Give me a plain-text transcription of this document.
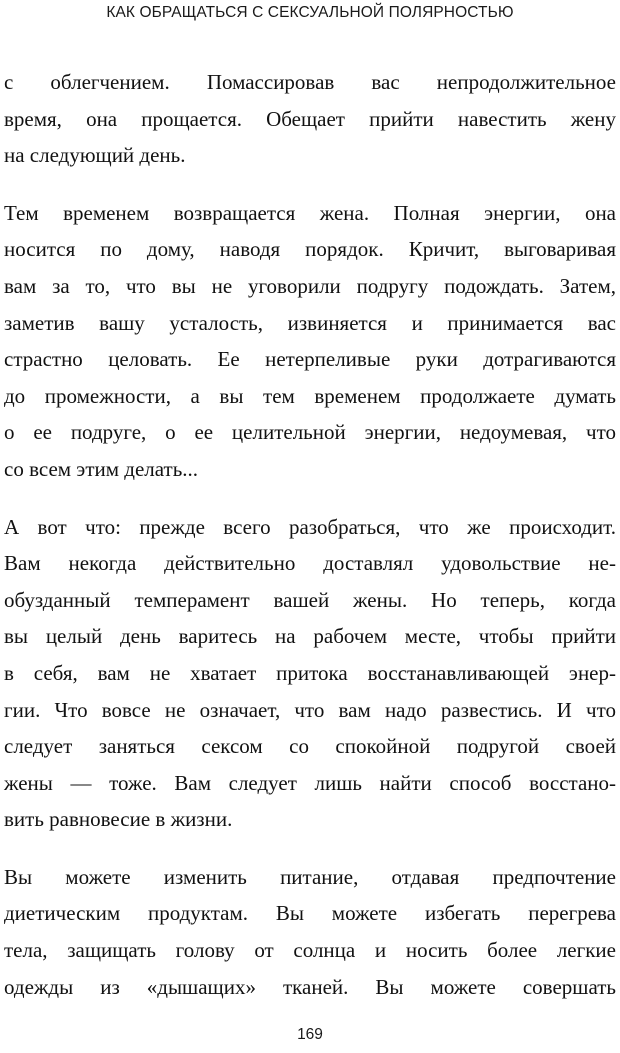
КАК ОБРАЩАТЬСЯ С СЕКСУАЛЬНОЙ ПОЛЯРНОСТЬЮ

с облегчением. Помассировав вас непродолжительное
время, она прощается. Обещает прийти навестить жену
на следующий день.

Тем временем возвращается жена. Полная энергии, она
носится по дому, наводя порядок. Кричит, выговаривая
вам за то, что вы не уговорили подругу подождать. Затем,
заметив вашу усталость, извиняется и принимается вас
страстно целовать. Ее нетерпеливые руки дотрагиваются
до промежности, а вы тем временем продолжаете думать
о ее подруге, о ее целительной энергии, недоумевая, что
со всем этим делать...

А вот что: прежде всего разобраться, что же происходит.
Вам некогда действительно доставлял удовольствие не-
обузданный темперамент вашей жены. Но теперь, когда
вы целый день варитесь на рабочем месте, чтобы прийти
в себя, вам не хватает притока восстанавливающей энер-
гии. Что вовсе не означает, что вам надо развестись. И что
следует заняться сексом со спокойной подругой своей
жены — тоже. Вам следует лишь найти способ восстано-
вить равновесие в жизни.

Вы можете изменить питание, отдавая предпочтение
диетическим продуктам. Вы можете избегать перегрева
тела, защищать голову от солнца и носить более легкие
одежды из «дышащих» тканей. Вы можете совершать

169
